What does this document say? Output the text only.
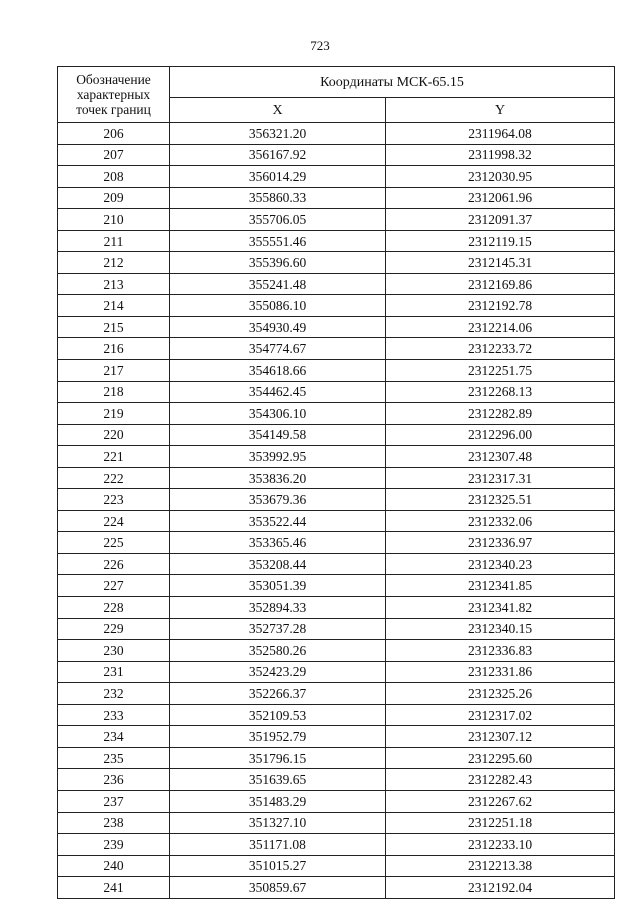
723
Обозначение
характерных
точек границ	Координаты МСК-65.15	
	X	Y
206	356321.20	2311964.08
207	356167.92	2311998.32
208	356014.29	2312030.95
209	355860.33	2312061.96
210	355706.05	2312091.37
211	355551.46	2312119.15
212	355396.60	2312145.31
213	355241.48	2312169.86
214	355086.10	2312192.78
215	354930.49	2312214.06
216	354774.67	2312233.72
217	354618.66	2312251.75
218	354462.45	2312268.13
219	354306.10	2312282.89
220	354149.58	2312296.00
221	353992.95	2312307.48
222	353836.20	2312317.31
223	353679.36	2312325.51
224	353522.44	2312332.06
225	353365.46	2312336.97
226	353208.44	2312340.23
227	353051.39	2312341.85
228	352894.33	2312341.82
229	352737.28	2312340.15
230	352580.26	2312336.83
231	352423.29	2312331.86
232	352266.37	2312325.26
233	352109.53	2312317.02
234	351952.79	2312307.12
235	351796.15	2312295.60
236	351639.65	2312282.43
237	351483.29	2312267.62
238	351327.10	2312251.18
239	351171.08	2312233.10
240	351015.27	2312213.38
241	350859.67	2312192.04
